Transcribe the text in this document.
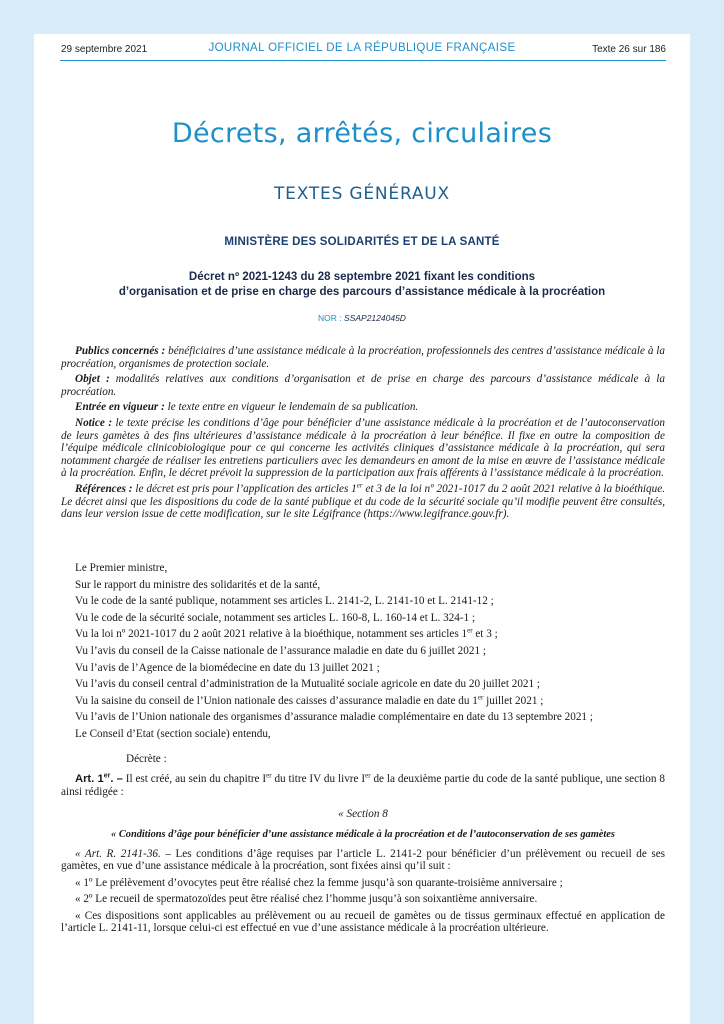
29 septembre 2021	JOURNAL OFFICIEL DE LA RÉPUBLIQUE FRANÇAISE	Texte 26 sur 186
Décrets, arrêtés, circulaires
TEXTES GÉNÉRAUX
MINISTÈRE DES SOLIDARITÉS ET DE LA SANTÉ
Décret nº 2021-1243 du 28 septembre 2021 fixant les conditions
d’organisation et de prise en charge des parcours d’assistance médicale à la procréation
NOR : SSAP2124045D

Publics concernés : bénéficiaires d’une assistance médicale à la procréation, professionnels des centres d’assistance médicale à la procréation, organismes de protection sociale.

Objet : modalités relatives aux conditions d’organisation et de prise en charge des parcours d’assistance médicale à la procréation.

Entrée en vigueur : le texte entre en vigueur le lendemain de sa publication.

Notice : le texte précise les conditions d’âge pour bénéficier d’une assistance médicale à la procréation et de l’autoconservation de leurs gamètes à des fins ultérieures d’assistance médicale à la procréation à leur bénéfice. Il fixe en outre la composition de l’équipe médicale clinicobiologique pour ce qui concerne les activités cliniques d’assistance médicale à la procréation, qui sera notamment chargée de réaliser les entretiens particuliers avec les demandeurs en amont de la mise en œuvre de l’assistance médicale à la procréation. Enfin, le décret prévoit la suppression de la participation aux frais afférents à l’assistance médicale à la procréation.

Références : le décret est pris pour l’application des articles 1er et 3 de la loi nº 2021-1017 du 2 août 2021 relative à la bioéthique. Le décret ainsi que les dispositions du code de la santé publique et du code de la sécurité sociale qu’il modifie peuvent être consultés, dans leur version issue de cette modification, sur le site Légifrance (https://www.legifrance.gouv.fr).

Le Premier ministre,

Sur le rapport du ministre des solidarités et de la santé,

Vu le code de la santé publique, notamment ses articles L. 2141-2, L. 2141-10 et L. 2141-12 ;

Vu le code de la sécurité sociale, notamment ses articles L. 160-8, L. 160-14 et L. 324-1 ;

Vu la loi nº 2021-1017 du 2 août 2021 relative à la bioéthique, notamment ses articles 1er et 3 ;

Vu l’avis du conseil de la Caisse nationale de l’assurance maladie en date du 6 juillet 2021 ;

Vu l’avis de l’Agence de la biomédecine en date du 13 juillet 2021 ;

Vu l’avis du conseil central d’administration de la Mutualité sociale agricole en date du 20 juillet 2021 ;

Vu la saisine du conseil de l’Union nationale des caisses d’assurance maladie en date du 1er juillet 2021 ;

Vu l’avis de l’Union nationale des organismes d’assurance maladie complémentaire en date du 13 septembre 2021 ;

Le Conseil d’Etat (section sociale) entendu,

Décrète :

Art. 1er. – Il est créé, au sein du chapitre Ier du titre IV du livre Ier de la deuxième partie du code de la santé publique, une section 8 ainsi rédigée :

« Section 8

« Conditions d’âge pour bénéficier d’une assistance médicale à la procréation et de l’autoconservation de ses gamètes

« Art. R. 2141-36. – Les conditions d’âge requises par l’article L. 2141-2 pour bénéficier d’un prélèvement ou recueil de ses gamètes, en vue d’une assistance médicale à la procréation, sont fixées ainsi qu’il suit :

« 1º Le prélèvement d’ovocytes peut être réalisé chez la femme jusqu’à son quarante-troisième anniversaire ;

« 2º Le recueil de spermatozoïdes peut être réalisé chez l’homme jusqu’à son soixantième anniversaire.

« Ces dispositions sont applicables au prélèvement ou au recueil de gamètes ou de tissus germinaux effectué en application de l’article L. 2141-11, lorsque celui-ci est effectué en vue d’une assistance médicale à la procréation ultérieure.
